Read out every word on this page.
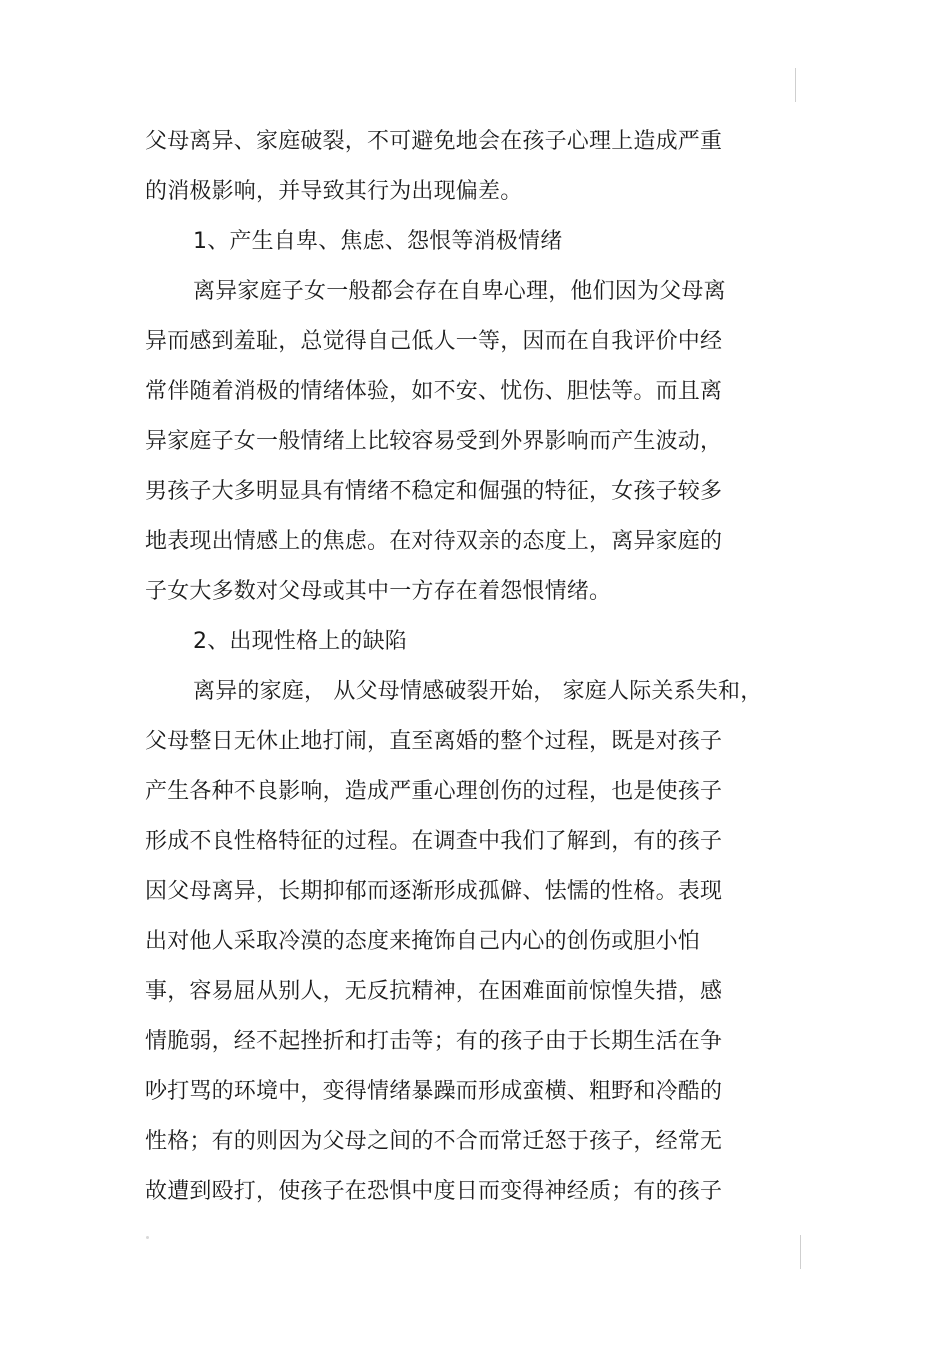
父母离异、家庭破裂，不可避免地会在孩子心理上造成严重
的消极影响，并导致其行为出现偏差。
1、产生自卑、焦虑、怨恨等消极情绪
离异家庭子女一般都会存在自卑心理，他们因为父母离
异而感到羞耻，总觉得自己低人一等，因而在自我评价中经
常伴随着消极的情绪体验，如不安、忧伤、胆怯等。而且离
异家庭子女一般情绪上比较容易受到外界影响而产生波动，
男孩子大多明显具有情绪不稳定和倔强的特征，女孩子较多
地表现出情感上的焦虑。在对待双亲的态度上，离异家庭的
子女大多数对父母或其中一方存在着怨恨情绪。
2、出现性格上的缺陷
离异的家庭， 从父母情感破裂开始， 家庭人际关系失和，
父母整日无休止地打闹，直至离婚的整个过程，既是对孩子
产生各种不良影响，造成严重心理创伤的过程，也是使孩子
形成不良性格特征的过程。在调查中我们了解到，有的孩子
因父母离异，长期抑郁而逐渐形成孤僻、怯懦的性格。表现
出对他人采取冷漠的态度来掩饰自己内心的创伤或胆小怕
事，容易屈从别人，无反抗精神，在困难面前惊惶失措，感
情脆弱，经不起挫折和打击等；有的孩子由于长期生活在争
吵打骂的环境中，变得情绪暴躁而形成蛮横、粗野和冷酷的
性格；有的则因为父母之间的不合而常迁怒于孩子，经常无
故遭到殴打，使孩子在恐惧中度日而变得神经质；有的孩子
